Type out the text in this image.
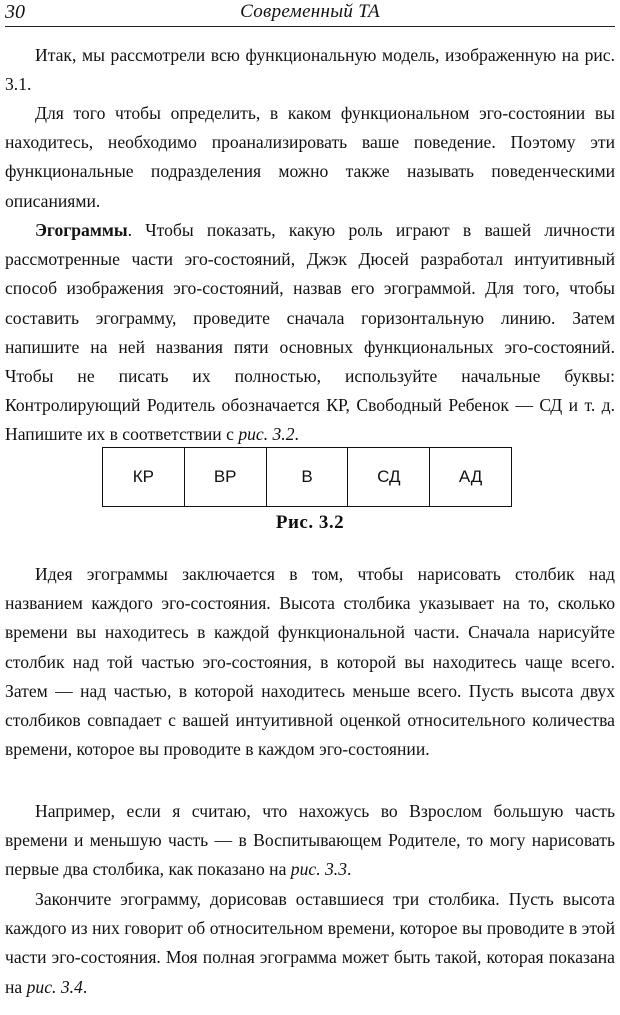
30	Современный ТА

Итак, мы рассмотрели всю функциональную модель, изображенную на рис. 3.1.

Для того чтобы определить, в каком функциональном эго-состоянии вы находитесь, необходимо проанализировать ваше поведение. Поэтому эти функциональные подразделения можно также называть поведенческими описаниями.

Эгограммы. Чтобы показать, какую роль играют в вашей личности рассмотренные части эго-состояний, Джэк Дюсей разработал интуитивный способ изображения эго-состояний, назвав его эгограммой. Для того, чтобы составить эгограмму, проведите сначала горизонтальную линию. Затем напишите на ней названия пяти основных функциональных эго-состояний. Чтобы не писать их полностью, используйте начальные буквы: Контролирующий Родитель обозначается КР, Свободный Ребенок — СД и т. д. Напишите их в соответствии с рис. 3.2.

КР	ВР	В	СД	АД
Рис. 3.2

Идея эгограммы заключается в том, чтобы нарисовать столбик над названием каждого эго-состояния. Высота столбика указывает на то, сколько времени вы находитесь в каждой функциональной части. Сначала нарисуйте столбик над той частью эго-состояния, в которой вы находитесь чаще всего. Затем — над частью, в которой находитесь меньше всего. Пусть высота двух столбиков совпадает с вашей интуитивной оценкой относительного количества времени, которое вы проводите в каждом эго-состоянии.

Например, если я считаю, что нахожусь во Взрослом большую часть времени и меньшую часть — в Воспитывающем Родителе, то могу нарисовать первые два столбика, как показано на рис. 3.3.

Закончите эгограмму, дорисовав оставшиеся три столбика. Пусть высота каждого из них говорит об относительном времени, которое вы проводите в этой части эго-состояния. Моя полная эгограмма может быть такой, которая показана на рис. 3.4.
